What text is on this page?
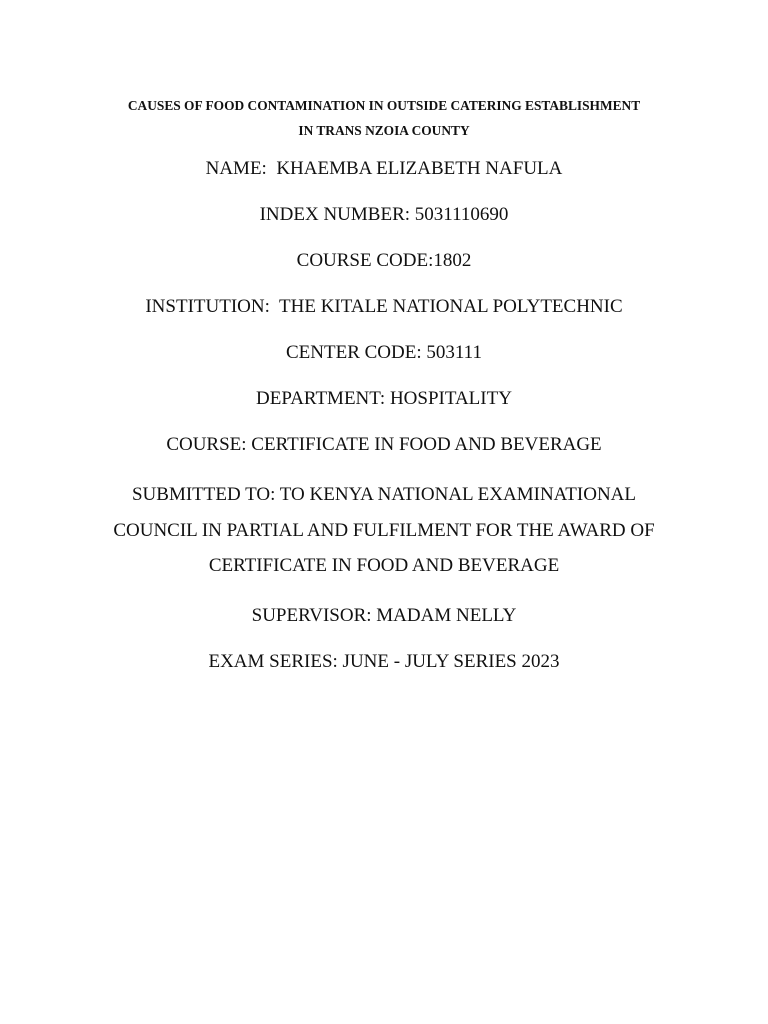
CAUSES OF FOOD CONTAMINATION IN OUTSIDE CATERING ESTABLISHMENT
IN TRANS NZOIA COUNTY
NAME:  KHAEMBA ELIZABETH NAFULA
INDEX NUMBER: 5031110690
COURSE CODE:1802
INSTITUTION:  THE KITALE NATIONAL POLYTECHNIC
CENTER CODE: 503111
DEPARTMENT: HOSPITALITY
COURSE: CERTIFICATE IN FOOD AND BEVERAGE
SUBMITTED TO: TO KENYA NATIONAL EXAMINATIONAL
COUNCIL IN PARTIAL AND FULFILMENT FOR THE AWARD OF
CERTIFICATE IN FOOD AND BEVERAGE
SUPERVISOR: MADAM NELLY
EXAM SERIES: JUNE - JULY SERIES 2023
